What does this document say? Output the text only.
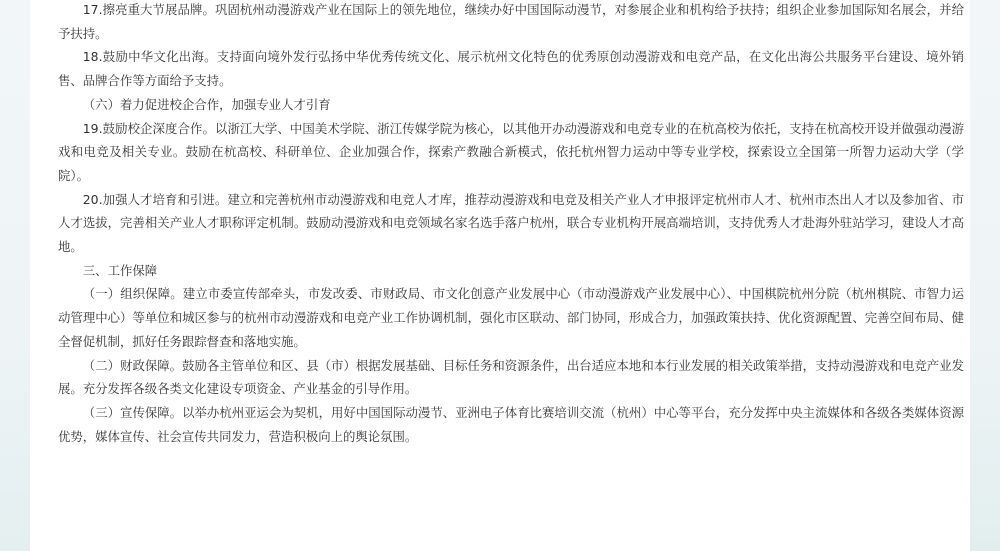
17.擦亮重大节展品牌。巩固杭州动漫游戏产业在国际上的领先地位，继续办好中国国际动漫节，对参展企业和机构给予扶持；组织企业参加国际知名展会，并给予扶持。

18.鼓励中华文化出海。支持面向境外发行弘扬中华优秀传统文化、展示杭州文化特色的优秀原创动漫游戏和电竞产品，在文化出海公共服务平台建设、境外销售、品牌合作等方面给予支持。

（六）着力促进校企合作，加强专业人才引育

19.鼓励校企深度合作。以浙江大学、中国美术学院、浙江传媒学院为核心，以其他开办动漫游戏和电竞专业的在杭高校为依托，支持在杭高校开设并做强动漫游戏和电竞及相关专业。鼓励在杭高校、科研单位、企业加强合作，探索产教融合新模式，依托杭州智力运动中等专业学校，探索设立全国第一所智力运动大学（学院）。

20.加强人才培育和引进。建立和完善杭州市动漫游戏和电竞人才库，推荐动漫游戏和电竞及相关产业人才申报评定杭州市人才、杭州市杰出人才以及参加省、市人才选拔，完善相关产业人才职称评定机制。鼓励动漫游戏和电竞领域名家名选手落户杭州，联合专业机构开展高端培训，支持优秀人才赴海外驻站学习，建设人才高地。

三、工作保障

（一）组织保障。建立市委宣传部牵头，市发改委、市财政局、市文化创意产业发展中心（市动漫游戏产业发展中心）、中国棋院杭州分院（杭州棋院、市智力运动管理中心）等单位和城区参与的杭州市动漫游戏和电竞产业工作协调机制，强化市区联动、部门协同，形成合力，加强政策扶持、优化资源配置、完善空间布局、健全督促机制，抓好任务跟踪督查和落地实施。

（二）财政保障。鼓励各主管单位和区、县（市）根据发展基础、目标任务和资源条件，出台适应本地和本行业发展的相关政策举措，支持动漫游戏和电竞产业发展。充分发挥各级各类文化建设专项资金、产业基金的引导作用。

（三）宣传保障。以举办杭州亚运会为契机，用好中国国际动漫节、亚洲电子体育比赛培训交流（杭州）中心等平台，充分发挥中央主流媒体和各级各类媒体资源优势，媒体宣传、社会宣传共同发力，营造积极向上的舆论氛围。
